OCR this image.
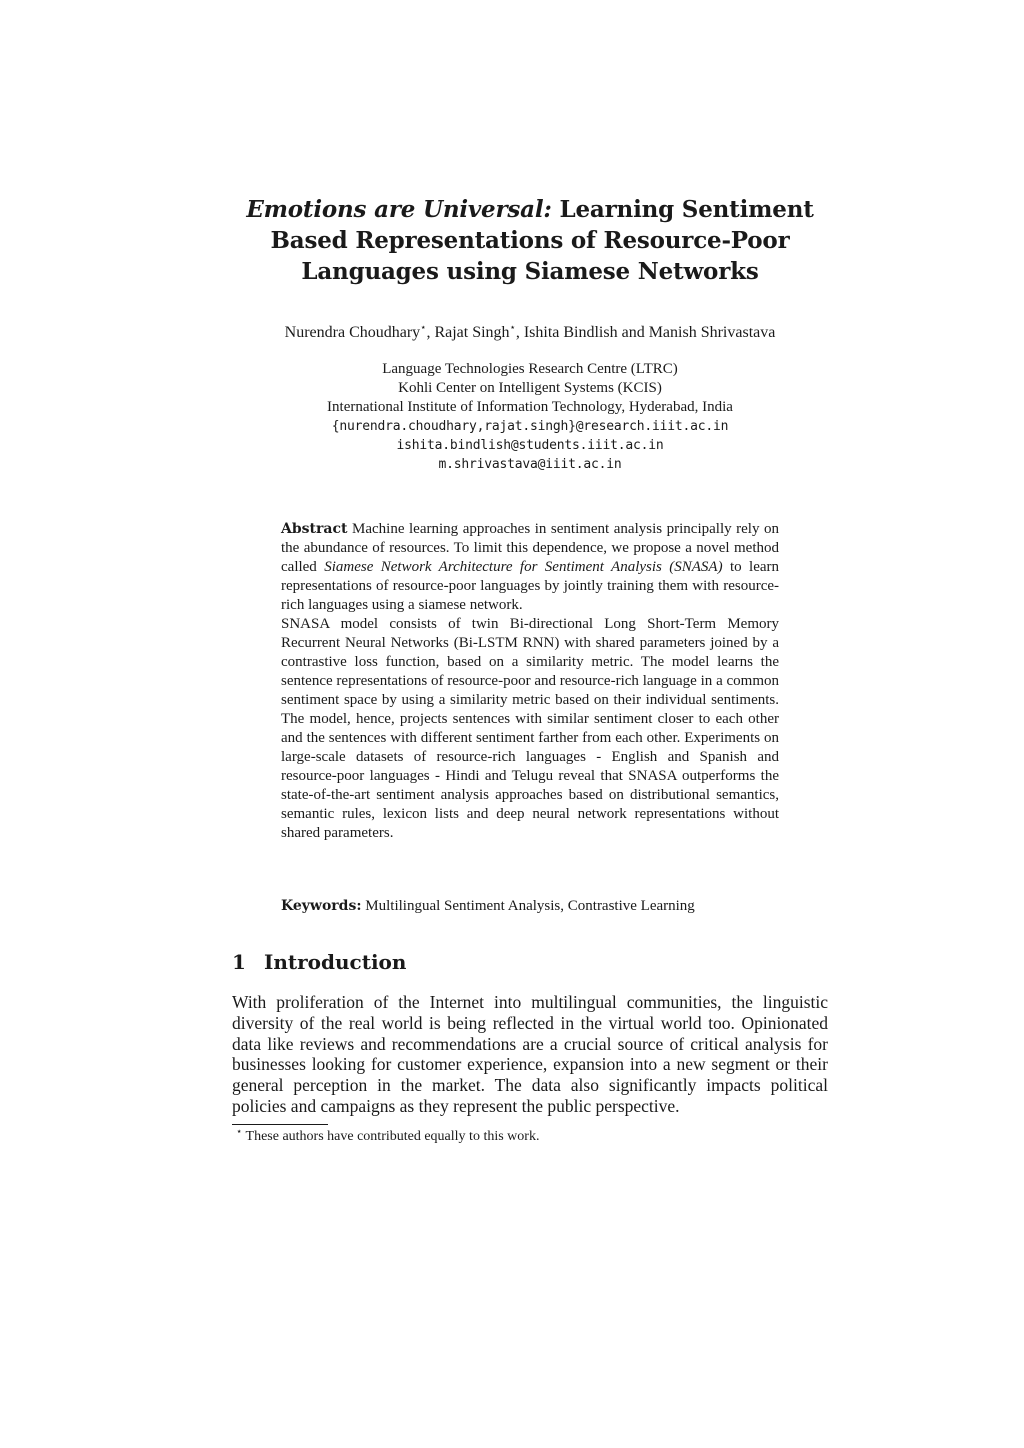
Emotions are Universal: Learning Sentiment
Based Representations of Resource-Poor
Languages using Siamese Networks
Nurendra Choudhary⋆, Rajat Singh⋆, Ishita Bindlish and Manish Shrivastava
Language Technologies Research Centre (LTRC)
Kohli Center on Intelligent Systems (KCIS)
International Institute of Information Technology, Hyderabad, India
{nurendra.choudhary,rajat.singh}@research.iiit.ac.in
ishita.bindlish@students.iiit.ac.in
m.shrivastava@iiit.ac.in

Abstract Machine learning approaches in sentiment analysis principally rely on the abundance of resources. To limit this dependence, we propose a novel method called Siamese Network Architecture for Sentiment Analysis (SNASA) to learn representations of resource-poor languages by jointly training them with resource-rich languages using a siamese network.

SNASA model consists of twin Bi-directional Long Short-Term Memory Recurrent Neural Networks (Bi-LSTM RNN) with shared parameters joined by a contrastive loss function, based on a similarity metric. The model learns the sentence representations of resource-poor and resource-rich language in a common sentiment space by using a similarity metric based on their individual sentiments. The model, hence, projects sentences with similar sentiment closer to each other and the sentences with different sentiment farther from each other. Experiments on large-scale datasets of resource-rich languages - English and Spanish and resource-poor languages - Hindi and Telugu reveal that SNASA outperforms the state-of-the-art sentiment analysis approaches based on distributional semantics, semantic rules, lexicon lists and deep neural network representations without shared parameters.

Keywords: Multilingual Sentiment Analysis, Contrastive Learning
1 Introduction

With proliferation of the Internet into multilingual communities, the linguistic diversity of the real world is being reflected in the virtual world too. Opinionated data like reviews and recommendations are a crucial source of critical analysis for businesses looking for customer experience, expansion into a new segment or their general perception in the market. The data also significantly impacts political policies and campaigns as they represent the public perspective.

⋆ These authors have contributed equally to this work.
